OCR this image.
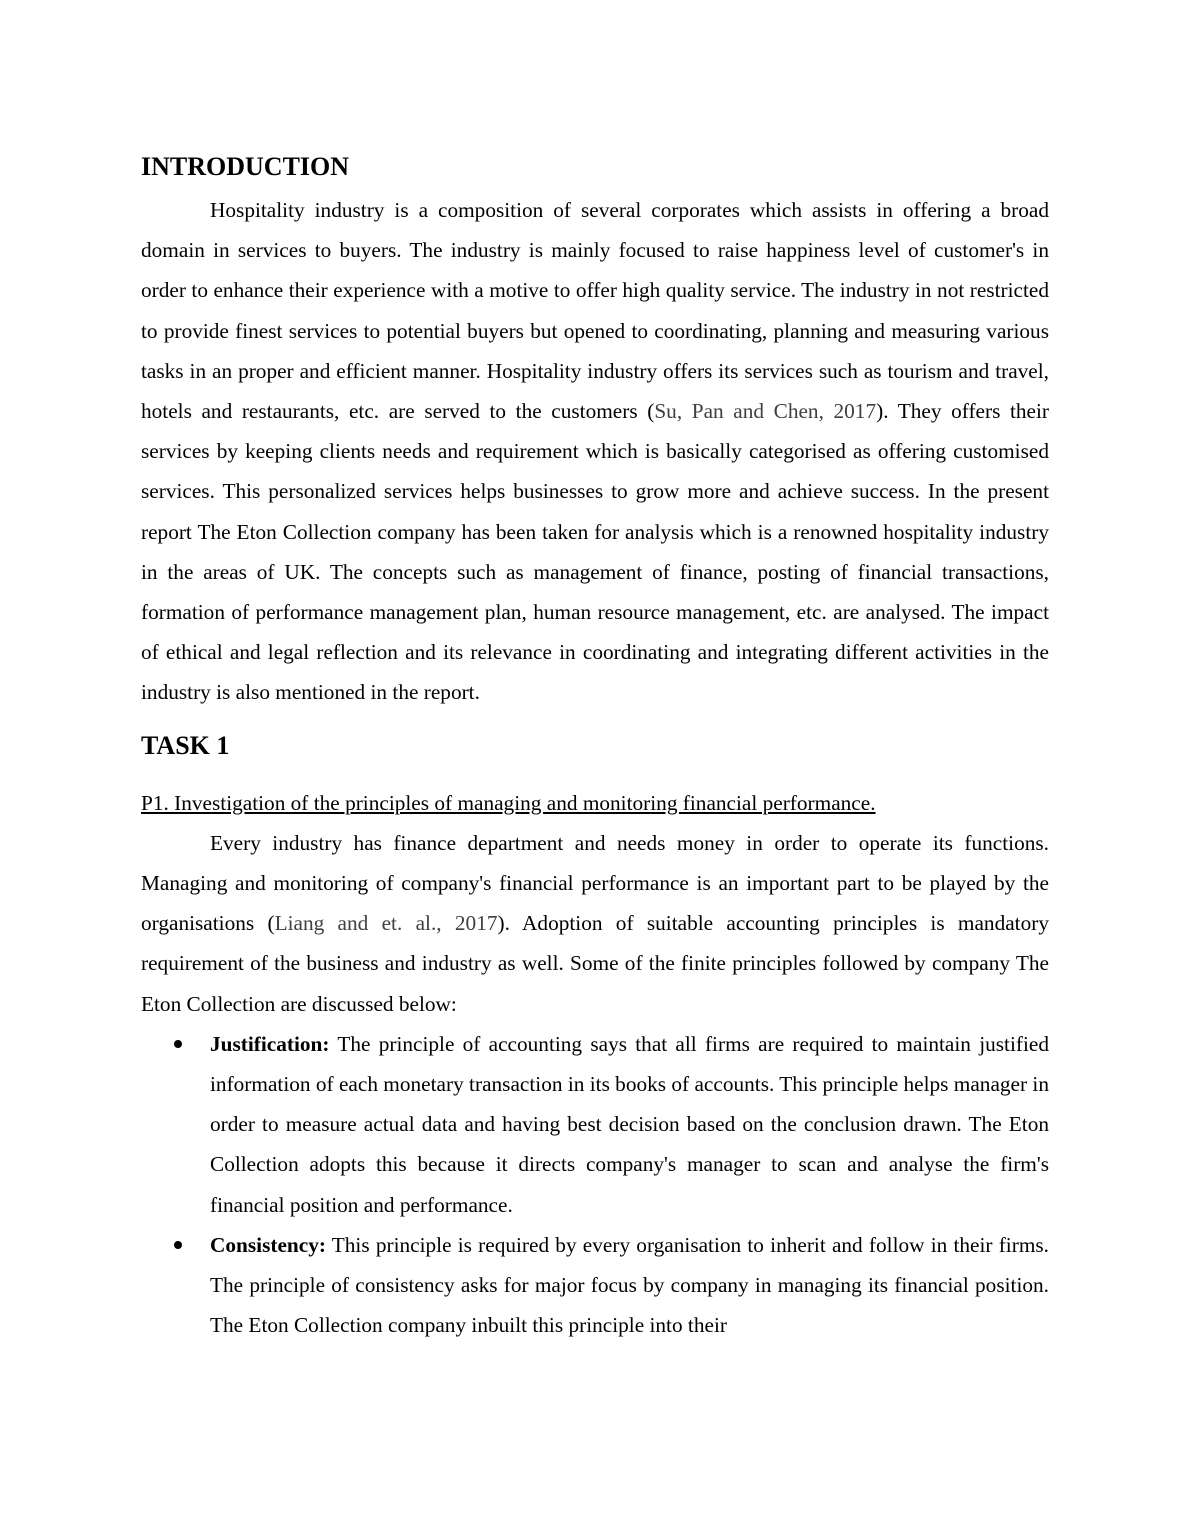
INTRODUCTION

Hospitality industry is a composition of several corporates which assists in offering a broad domain in services to buyers. The industry is mainly focused to raise happiness level of customer's in order to enhance their experience with a motive to offer high quality service. The industry in not restricted to provide finest services to potential buyers but opened to coordinating, planning and measuring various tasks in an proper and efficient manner. Hospitality industry offers its services such as tourism and travel, hotels and restaurants, etc. are served to the customers (Su, Pan and Chen, 2017). They offers their services by keeping clients needs and requirement which is basically categorised as offering customised services. This personalized services helps businesses to grow more and achieve success. In the present report The Eton Collection company has been taken for analysis which is a renowned hospitality industry in the areas of UK. The concepts such as management of finance, posting of financial transactions, formation of performance management plan, human resource management, etc. are analysed. The impact of ethical and legal reflection and its relevance in coordinating and integrating different activities in the industry is also mentioned in the report.

TASK 1
P1. Investigation of the principles of managing and monitoring financial performance.

Every industry has finance department and needs money in order to operate its functions. Managing and monitoring of company's financial performance is an important part to be played by the organisations (Liang and et. al., 2017). Adoption of suitable accounting principles is mandatory requirement of the business and industry as well. Some of the finite principles followed by company The Eton Collection are discussed below:

Justification: The principle of accounting says that all firms are required to maintain justified information of each monetary transaction in its books of accounts. This principle helps manager in order to measure actual data and having best decision based on the conclusion drawn. The Eton Collection adopts this because it directs company's manager to scan and analyse the firm's financial position and performance.
Consistency: This principle is required by every organisation to inherit and follow in their firms. The principle of consistency asks for major focus by company in managing its financial position. The Eton Collection company inbuilt this principle into their
